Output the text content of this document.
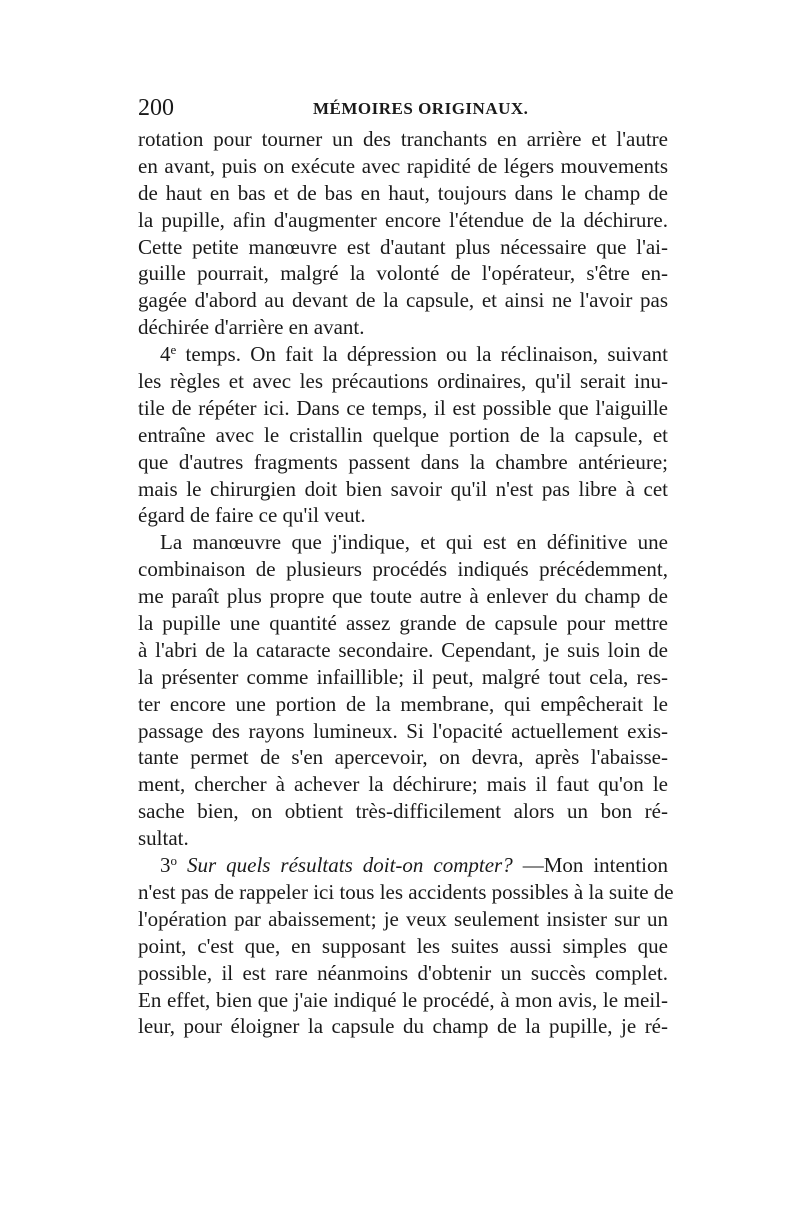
200	MÉMOIRES ORIGINAUX.
rotation pour tourner un des tranchants en arrière et l'autre
en avant, puis on exécute avec rapidité de légers mouvements
de haut en bas et de bas en haut, toujours dans le champ de
la pupille, afin d'augmenter encore l'étendue de la déchirure.
Cette petite manœuvre est d'autant plus nécessaire que l'ai-
guille pourrait, malgré la volonté de l'opérateur, s'être en-
gagée d'abord au devant de la capsule, et ainsi ne l'avoir pas
déchirée d'arrière en avant.
4e temps. On fait la dépression ou la réclinaison, suivant
les règles et avec les précautions ordinaires, qu'il serait inu-
tile de répéter ici. Dans ce temps, il est possible que l'aiguille
entraîne avec le cristallin quelque portion de la capsule, et
que d'autres fragments passent dans la chambre antérieure;
mais le chirurgien doit bien savoir qu'il n'est pas libre à cet
égard de faire ce qu'il veut.
La manœuvre que j'indique, et qui est en définitive une
combinaison de plusieurs procédés indiqués précédemment,
me paraît plus propre que toute autre à enlever du champ de
la pupille une quantité assez grande de capsule pour mettre
à l'abri de la cataracte secondaire. Cependant, je suis loin de
la présenter comme infaillible; il peut, malgré tout cela, res-
ter encore une portion de la membrane, qui empêcherait le
passage des rayons lumineux. Si l'opacité actuellement exis-
tante permet de s'en apercevoir, on devra, après l'abaisse-
ment, chercher à achever la déchirure; mais il faut qu'on le
sache bien, on obtient très-difficilement alors un bon ré-
sultat.
3$^o$ Sur quels résultats doit-on compter? —Mon intention
n'est pas de rappeler ici tous les accidents possibles à la suite de
l'opération par abaissement; je veux seulement insister sur un
point, c'est que, en supposant les suites aussi simples que
possible, il est rare néanmoins d'obtenir un succès complet.
En effet, bien que j'aie indiqué le procédé, à mon avis, le meil-
leur, pour éloigner la capsule du champ de la pupille, je ré-
